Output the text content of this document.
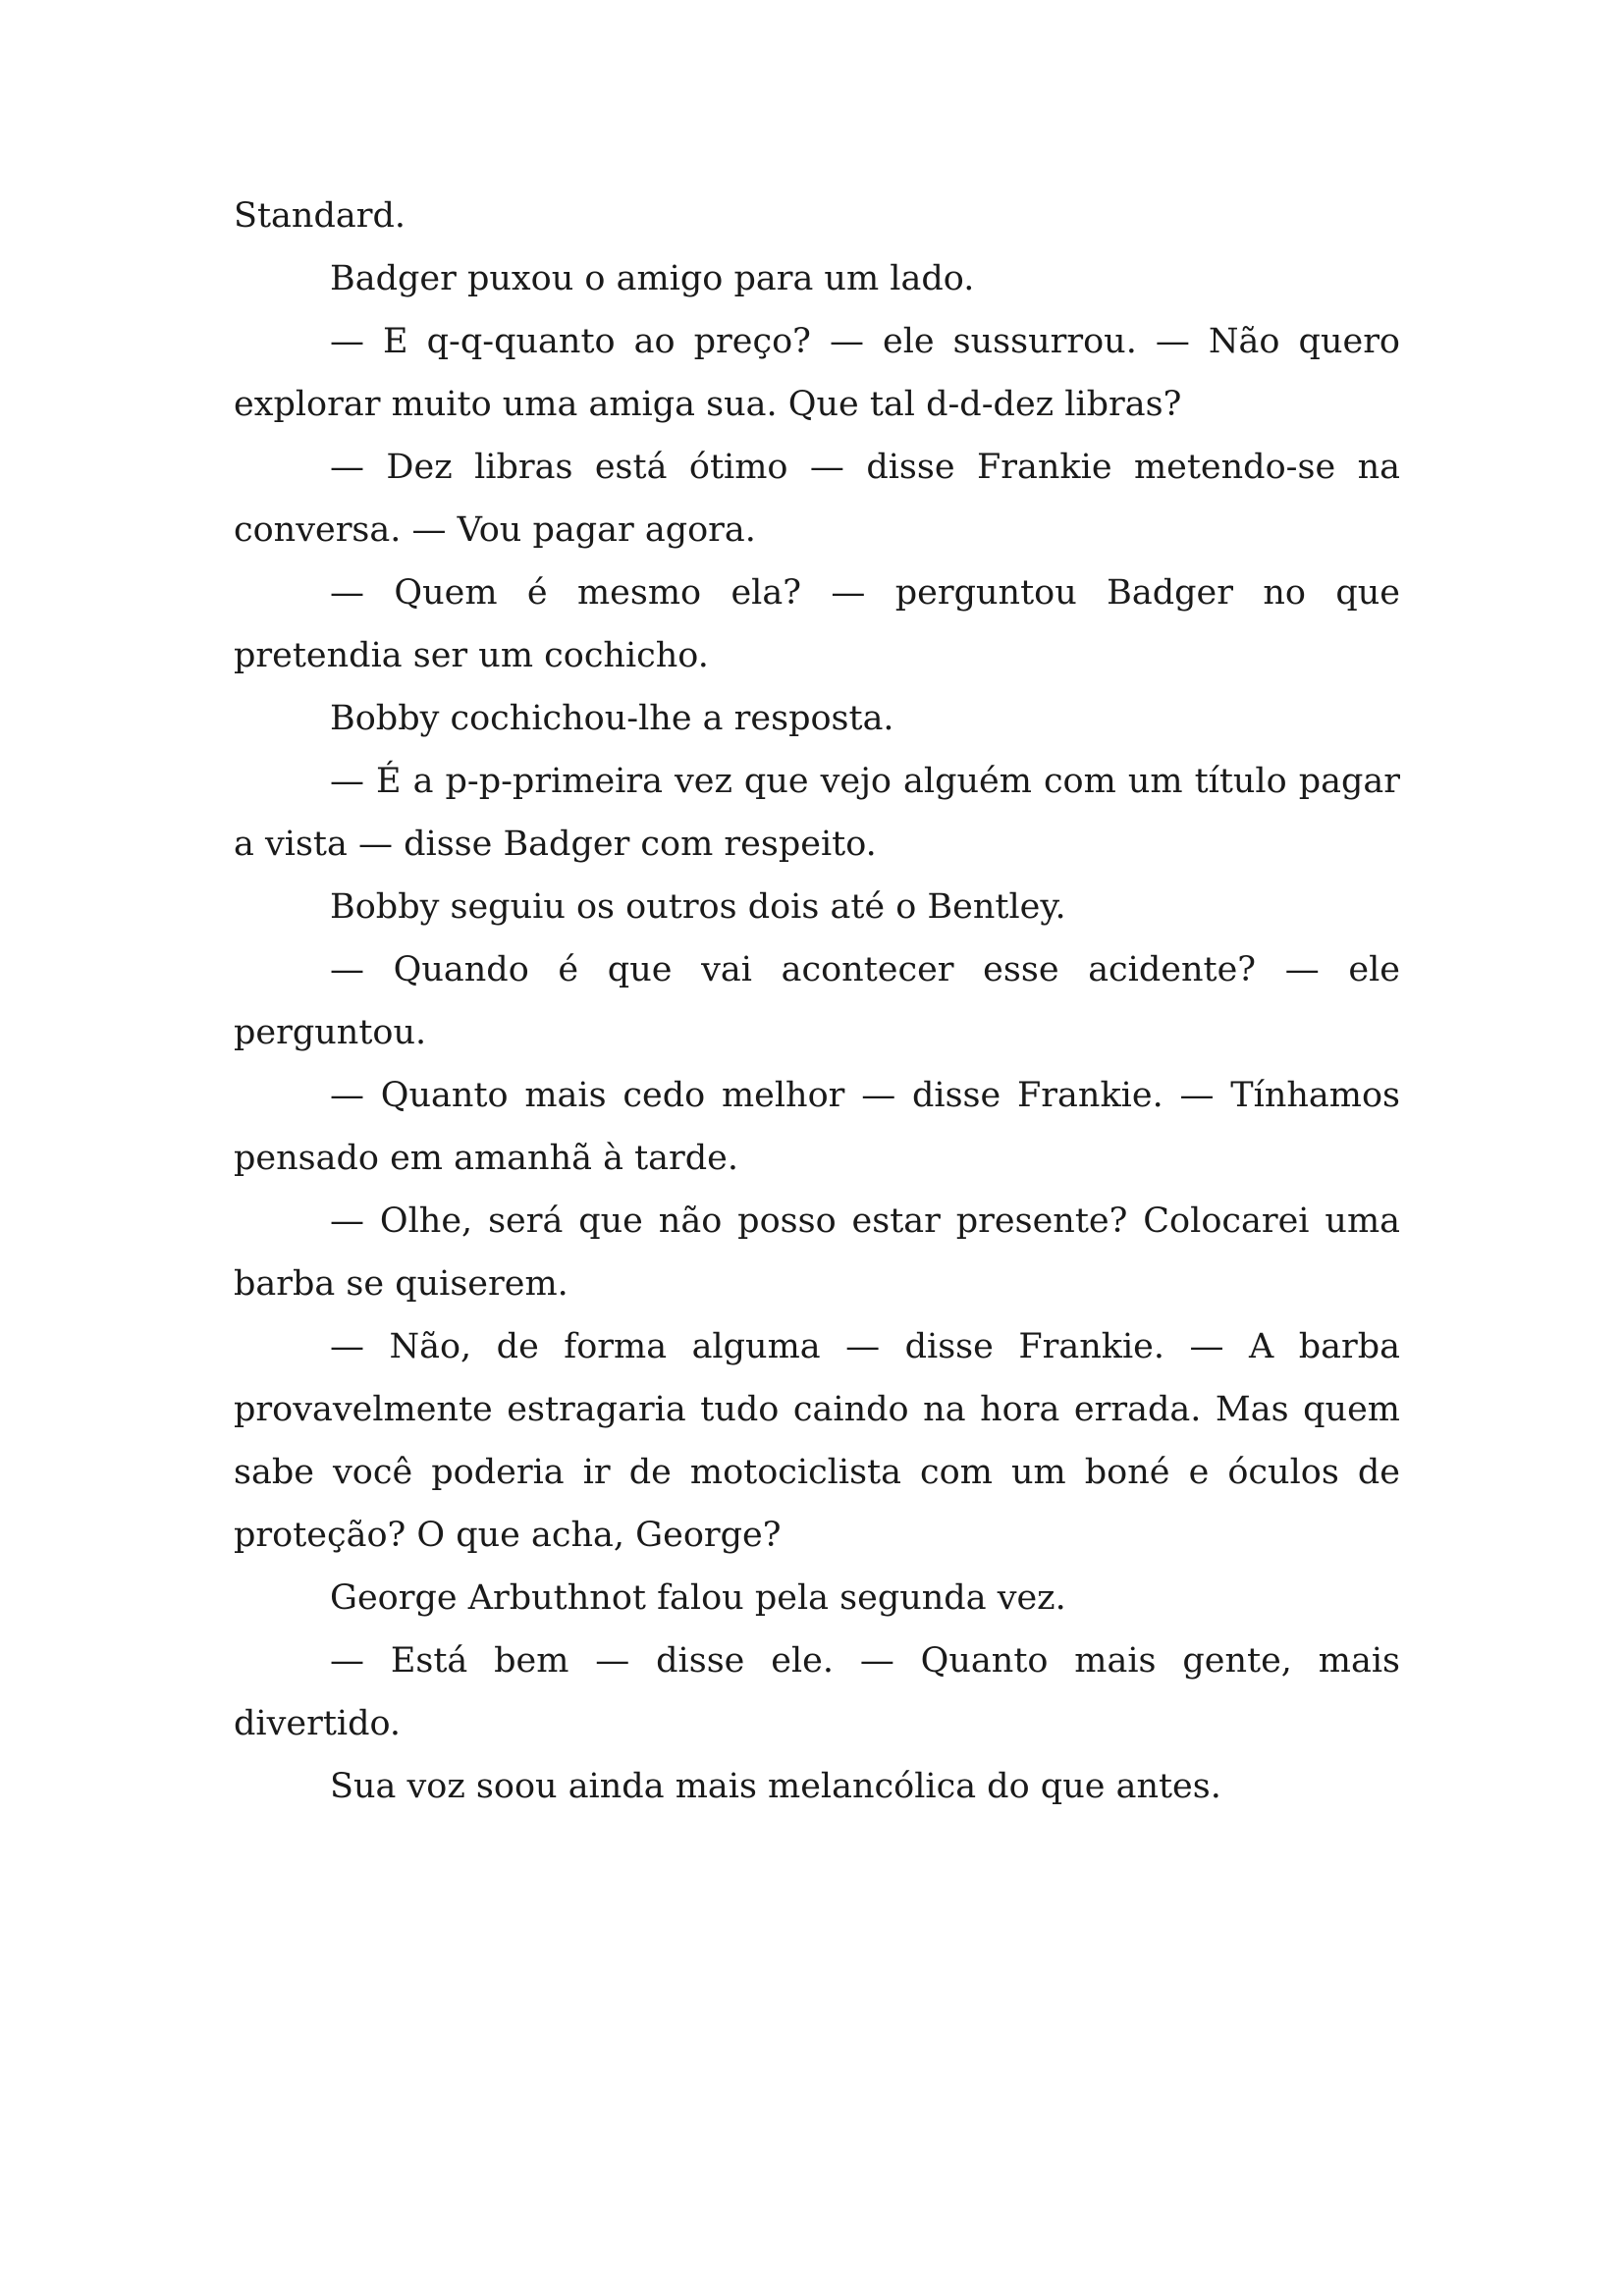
Standard.

Badger puxou o amigo para um lado.

— E q-q-quanto ao preço? — ele sussurrou. — Não quero explorar muito uma amiga sua. Que tal d-d-dez libras?

— Dez libras está ótimo — disse Frankie metendo-se na conversa. — Vou pagar agora.

— Quem é mesmo ela? — perguntou Badger no que pretendia ser um cochicho.

Bobby cochichou-lhe a resposta.

— É a p-p-primeira vez que vejo alguém com um título pagar a vista — disse Badger com respeito.

Bobby seguiu os outros dois até o Bentley.

— Quando é que vai acontecer esse acidente? — ele perguntou.

— Quanto mais cedo melhor — disse Frankie. — Tínhamos pensado em amanhã à tarde.

— Olhe, será que não posso estar presente? Colocarei uma barba se quiserem.

— Não, de forma alguma — disse Frankie. — A barba provavelmente estragaria tudo caindo na hora errada. Mas quem sabe você poderia ir de motociclista com um boné e óculos de proteção? O que acha, George?

George Arbuthnot falou pela segunda vez.

— Está bem — disse ele. — Quanto mais gente, mais divertido.

Sua voz soou ainda mais melancólica do que antes.
